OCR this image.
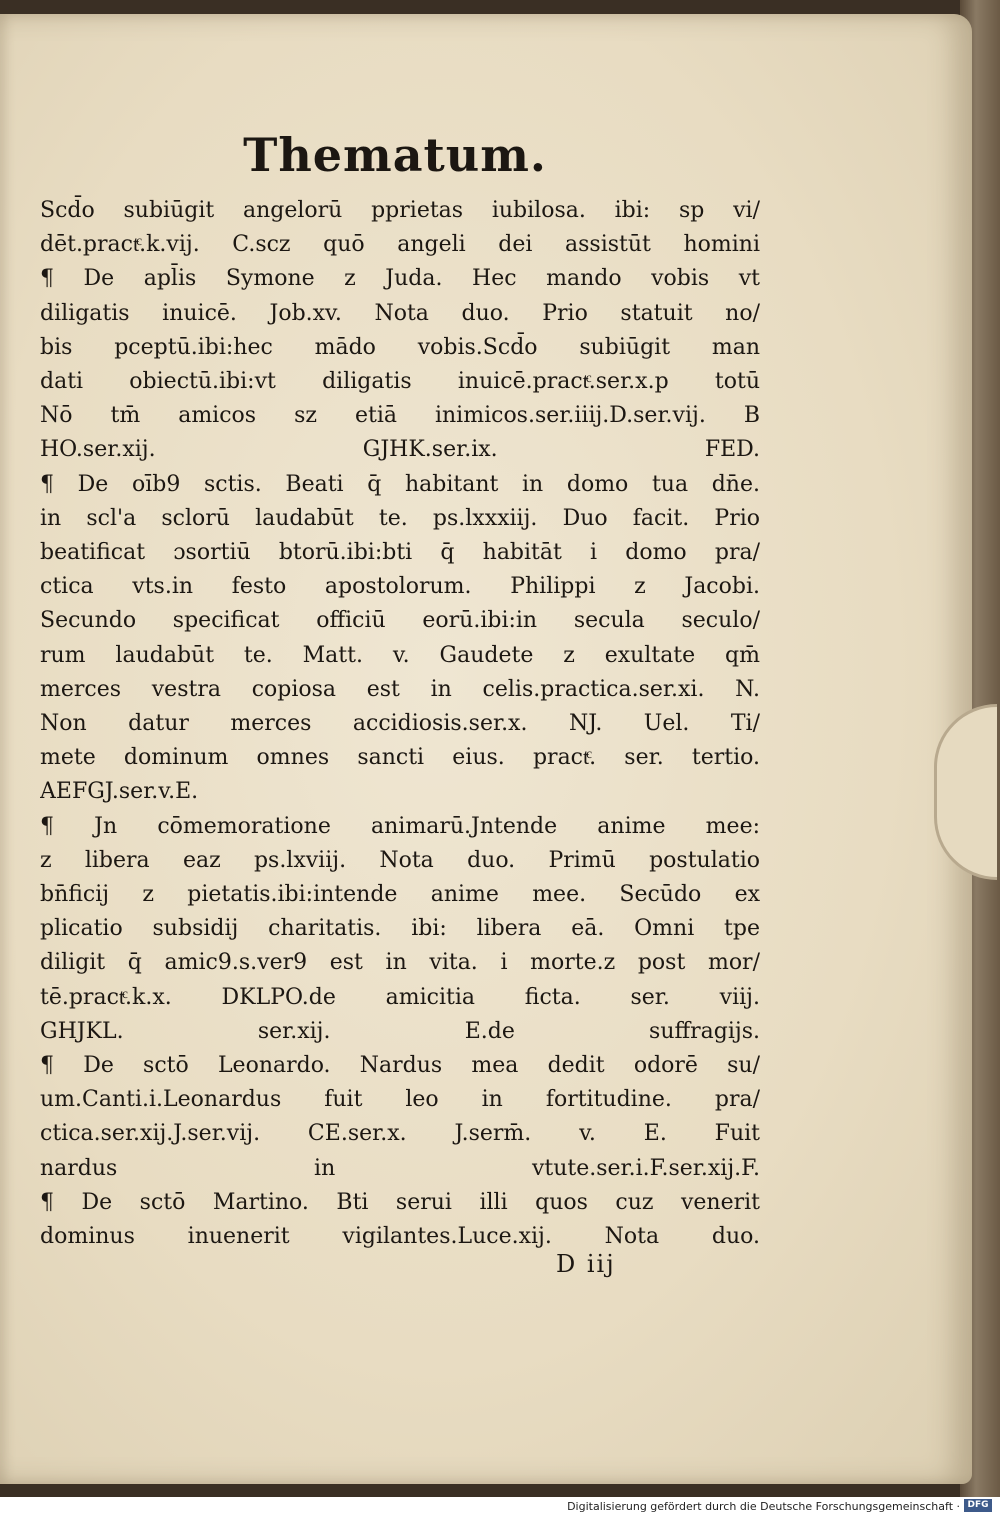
Thematum.
Scd̄o subiūgit angelorū pprietas iubilosa. ibi: sp vi/
dēt.practͨ.k.vij. C.scz quō angeli dei assistūt homini
¶ De apl̄is Symone z Juda. Hec mando vobis vt
diligatis inuicē. Job.xv. Nota duo. Prio statuit no/
bis pceptū.ibi:hec mādo vobis.Scd̄o subiūgit man
dati obiectū.ibi:vt diligatis inuicē.practͨ.ser.x.p totū
Nō tm̄ amicos sz etiā inimicos.ser.iiij.D.ser.vij. B
HO.ser.xij. GJHK.ser.ix. FED.
¶ De oīb9 sctis. Beati q̄ habitant in domo tua dn̄e.
in scl'a sclorū laudabūt te. ps.lxxxiij. Duo facit. Prio
beatificat ɔsortiū btorū.ibi:bti q̄ habitāt i domo pra/
ctica vts.in festo apostolorum. Philippi z Jacobi.
Secundo specificat officiū eorū.ibi:in secula seculo/
rum laudabūt te. Matt. v. Gaudete z exultate qm̄
merces vestra copiosa est in celis.practica.ser.xi. N.
Non datur merces accidiosis.ser.x. NJ. Uel. Ti/
mete dominum omnes sancti eius. practͨ. ser. tertio.
AEFGJ.ser.v.E.
¶ Jn cōmemoratione animarū.Jntende anime mee:
z libera eaz ps.lxviij. Nota duo. Primū postulatio
bn̄ficij z pietatis.ibi:intende anime mee. Secūdo ex
plicatio subsidij charitatis. ibi: libera eā. Omni tpe
diligit q̄ amic9.s.ver9 est in vita. i morte.z post mor/
tē.practͨ.k.x. DKLPO.de amicitia ficta. ser. viij.
GHJKL. ser.xij. E.de suffragijs.
¶ De sctō Leonardo. Nardus mea dedit odorē su/
um.Canti.i.Leonardus fuit leo in fortitudine. pra/
ctica.ser.xij.J.ser.vij. CE.ser.x. J.serm̄. v. E. Fuit
nardus in vtute.ser.i.F.ser.xij.F.
¶ De sctō Martino. Bti serui illi quos cuz venerit
dominus inuenerit vigilantes.Luce.xij. Nota duo.
D iij
Digitalisierung gefördert durch die Deutsche Forschungsgemeinschaft · DFG
